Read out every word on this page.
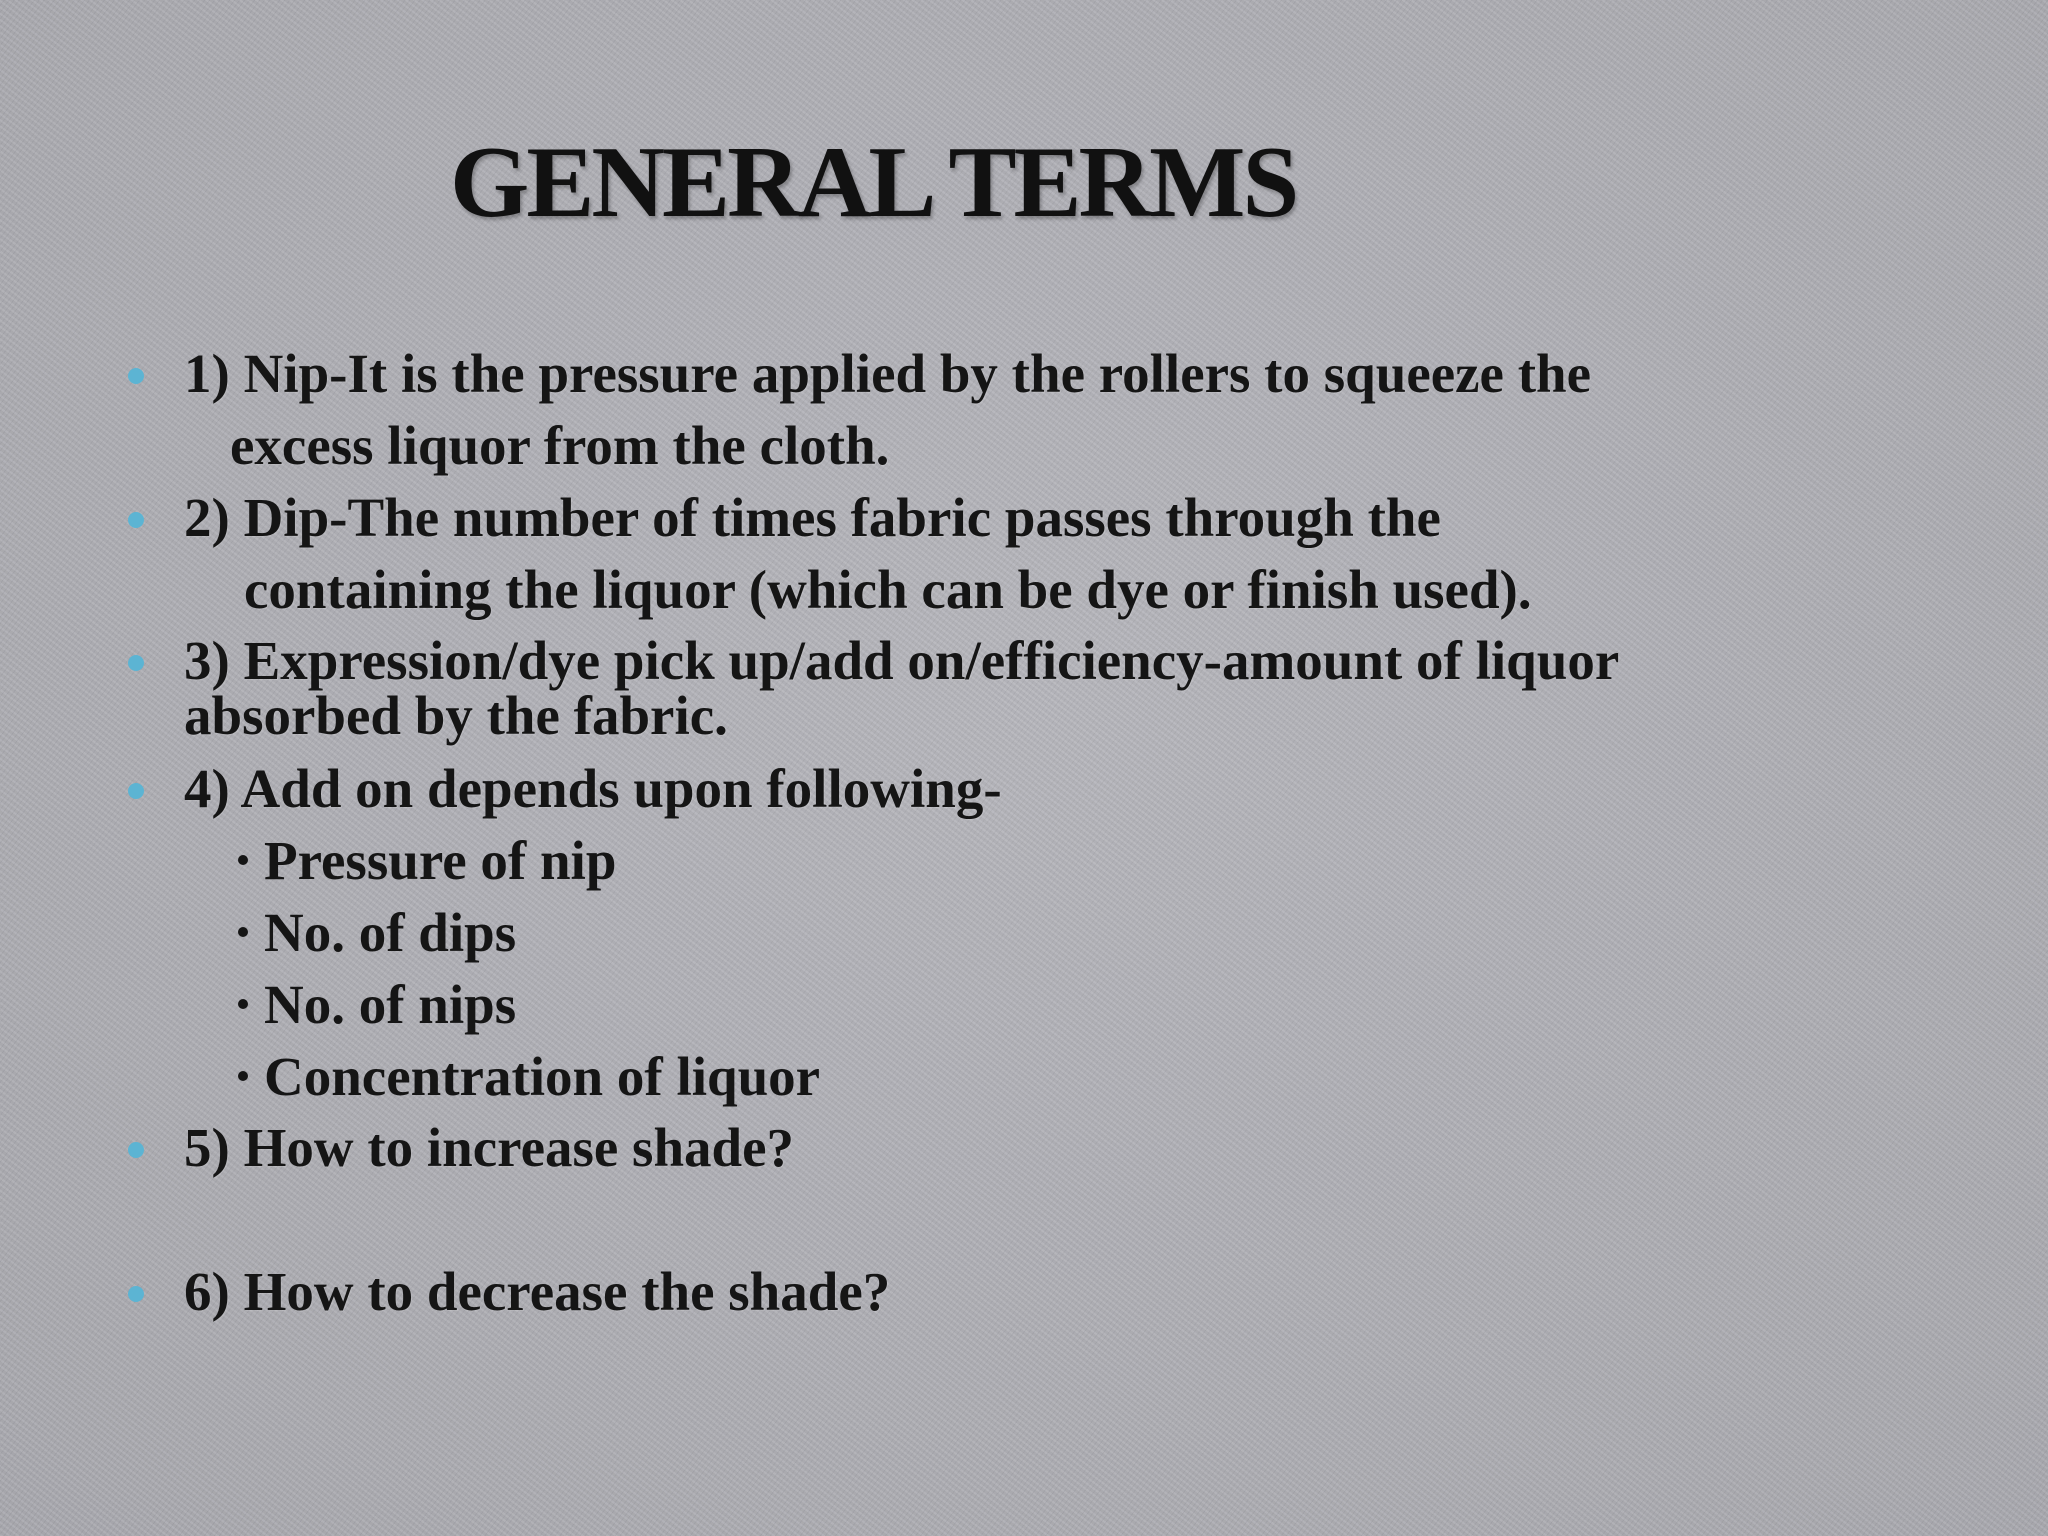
GENERAL TERMS
1) Nip-It is the pressure applied by the rollers to squeeze the
excess liquor from the cloth.
2) Dip-The number of times fabric passes through the
containing the liquor (which can be dye or finish used).
3) Expression/dye pick up/add on/efficiency-amount of liquor
absorbed by the fabric.
4) Add on depends upon following-
Pressure of nip
No. of dips
No. of nips
Concentration of liquor
5) How to increase shade?
6) How to decrease the shade?
